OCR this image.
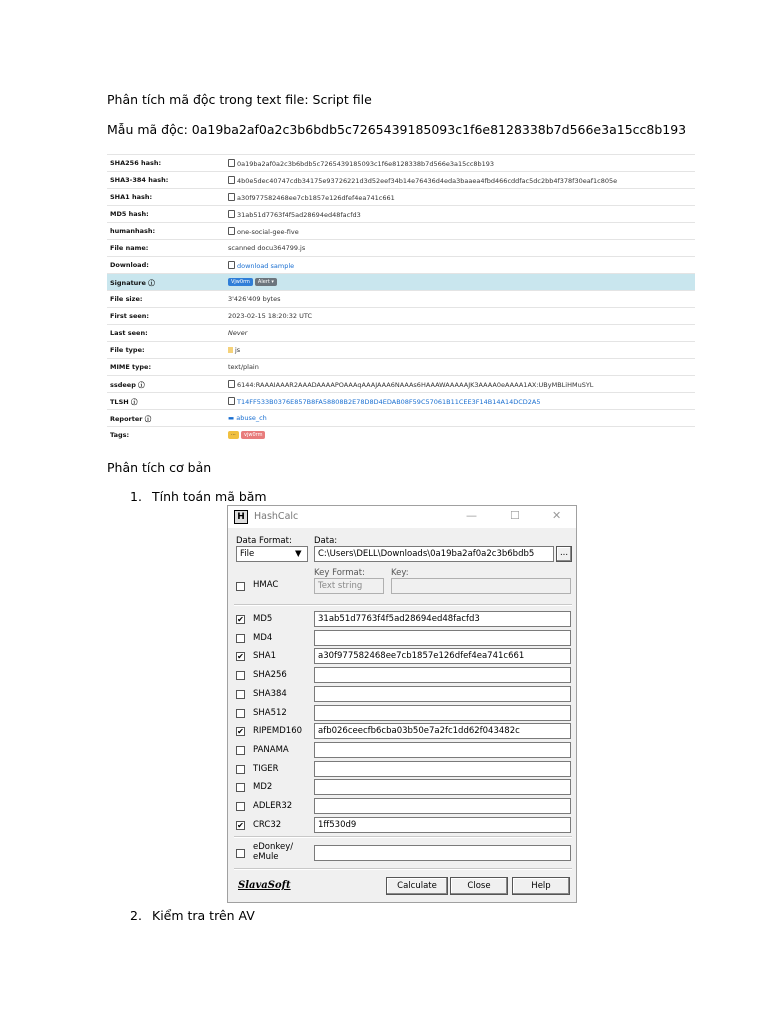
Phân tích mã độc trong text file: Script file
Mẫu mã độc: 0a19ba2af0a2c3b6bdb5c7265439185093c1f6e8128338b7d566e3a15cc8b193
SHA256 hash:	0a19ba2af0a2c3b6bdb5c7265439185093c1f6e8128338b7d566e3a15cc8b193
SHA3-384 hash:	4b0e5dec40747cdb34175e93726221d3d52eef34b14e76436d4eda3baaea4fbd466cddfac5dc2bb4f378f30eaf1c805e
SHA1 hash:	a30f977582468ee7cb1857e126dfef4ea741c661
MD5 hash:	31ab51d7763f4f5ad28694ed48facfd3
humanhash:	one-social-gee-five
File name:	scanned docu364799.js
Download:	download sample
Signature ⓘ	Vjw0rm Alert ▾
File size:	3'426'409 bytes
First seen:	2023-02-15 18:20:32 UTC
Last seen:	Never
File type:	js
MIME type:	text/plain
ssdeep ⓘ	6144:RAAAIAAAR2AAADAAAAPOAAAqAAAJAAA6NAAAs6HAAAWAAAAAJK3AAAA0eAAAA1AX:UByMBLiHMuSYL
TLSH ⓘ	T14FF533B0376E857B8FA58808B2E78D8D4EDAB08F59C57061B11CEE3F14B14A14DCD2A5
Reporter ⓘ	▬ abuse_ch
Tags:	⋯ vjw0rm
Phân tích cơ bản
1. Tính toán mã băm
H HashCalc	—	☐	✕
Data Format:
File	▼
Data:
C:\Users\DELL\Downloads\0a19ba2af0a2c3b6bdb5	...
HMAC
Key Format:
Text string
Key:
✔ MD5	31ab51d7763f4f5ad28694ed48facfd3
MD4
✔ SHA1	a30f977582468ee7cb1857e126dfef4ea741c661
SHA256
SHA384
SHA512
✔ RIPEMD160 afb026ceecfb6cba03b50e7a2fc1dd62f043482c
PANAMA
TIGER
MD2
ADLER32
✔ CRC32	1ff530d9
eDonkey/
eMule
SlavaSoft	Calculate	Close	Help
2. Kiểm tra trên AV
